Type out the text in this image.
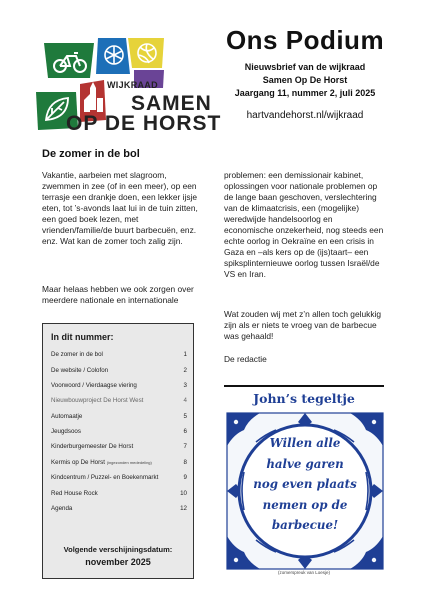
WIJKRAAD
SAMEN
OP DE HORST
Ons Podium
Nieuwsbrief van de wijkraad
Samen Op De Horst
Jaargang 11, nummer 2, juli 2025
hartvandehorst.nl/wijkraad
De zomer in de bol
Vakantie, aarbeien met slagroom, zwemmen in zee (of in een meer), op een terrasje een drankje doen, een lekker ijsje eten, tot ’s-avonds laat lui in de tuin zitten, een goed boek lezen, met vrienden/familie/de buurt barbecuën, enz. enz. Wat kan de zomer toch zalig zijn.
Maar helaas hebben we ook zorgen over meerdere nationale en internationale
problemen: een demissionair kabinet, oplossingen voor nationale problemen op de lange baan geschoven, verslechtering van de klimaatcrisis, een (mogelijke) weredwijde handelsoorlog en economische onzekerheid, nog steeds een echte oorlog in Oekraïne en een crisis in Gaza en –als kers op de (ijs)taart– een spiksplinternieuwe oorlog tussen Israël/de VS en Iran.
Wat zouden wij met z’n allen toch gelukkig zijn als er niets te vroeg van de barbecue was gehaald!
De redactie
In dit nummer:
De zomer in de bol	1
De website / Colofon	2
Voorwoord / Vierdaagse viering	3
Nieuwbouwproject De Horst West	4
Automaatje	5
Jeugdsoos	6
Kinderburgemeester De Horst	7
Kermis op De Horst (ingezonden mededeling)	8
Kindcentrum / Puzzel- en Boekenmarkt	9
Red House Rock	10
Agenda	12
Volgende verschijningsdatum:
november 2025
John’s tegeltje
Willen alle
halve garen
nog even plaats
nemen op de
barbecue!
(zomerspreuk van Loesje)
